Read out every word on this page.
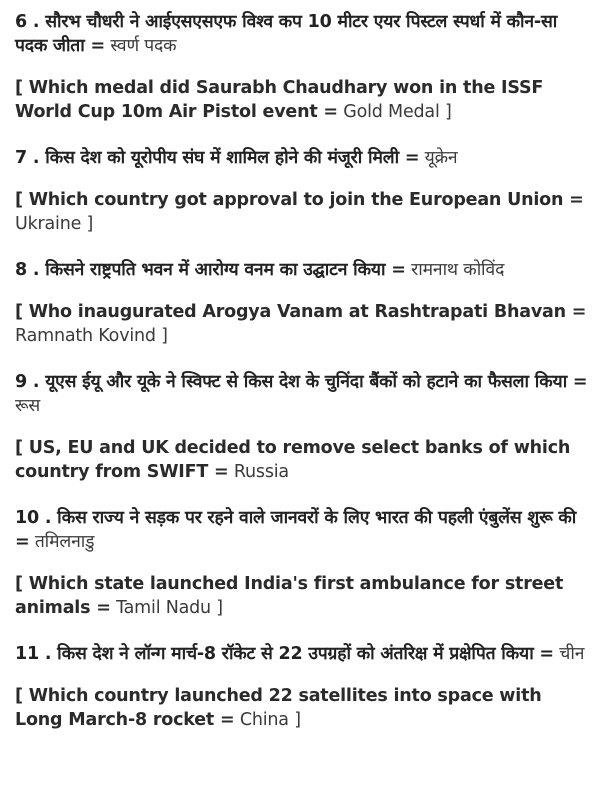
6 . सौरभ चौधरी ने आईएसएसएफ विश्व कप 10 मीटर एयर पिस्टल स्पर्धा में कौन-सा पदक जीता = स्वर्ण पदक
[ Which medal did Saurabh Chaudhary won in the ISSF World Cup 10m Air Pistol event = Gold Medal ]
7 . किस देश को यूरोपीय संघ में शामिल होने की मंजूरी मिली = यूक्रेन
[ Which country got approval to join the European Union = Ukraine ]
8 . किसने राष्ट्रपति भवन में आरोग्य वनम का उद्घाटन किया = रामनाथ कोविंद
[ Who inaugurated Arogya Vanam at Rashtrapati Bhavan = Ramnath Kovind ]
9 . यूएस ईयू और यूके ने स्विफ्ट से किस देश के चुनिंदा बैंकों को हटाने का फैसला किया = रूस
[ US, EU and UK decided to remove select banks of which country from SWIFT = Russia
10 . किस राज्य ने सड़क पर रहने वाले जानवरों के लिए भारत की पहली एंबुलेंस शुरू की = तमिलनाडु
[ Which state launched India's first ambulance for street animals = Tamil Nadu ]
11 . किस देश ने लॉन्ग मार्च-8 रॉकेट से 22 उपग्रहों को अंतरिक्ष में प्रक्षेपित किया = चीन
[ Which country launched 22 satellites into space with Long March-8 rocket = China ]
